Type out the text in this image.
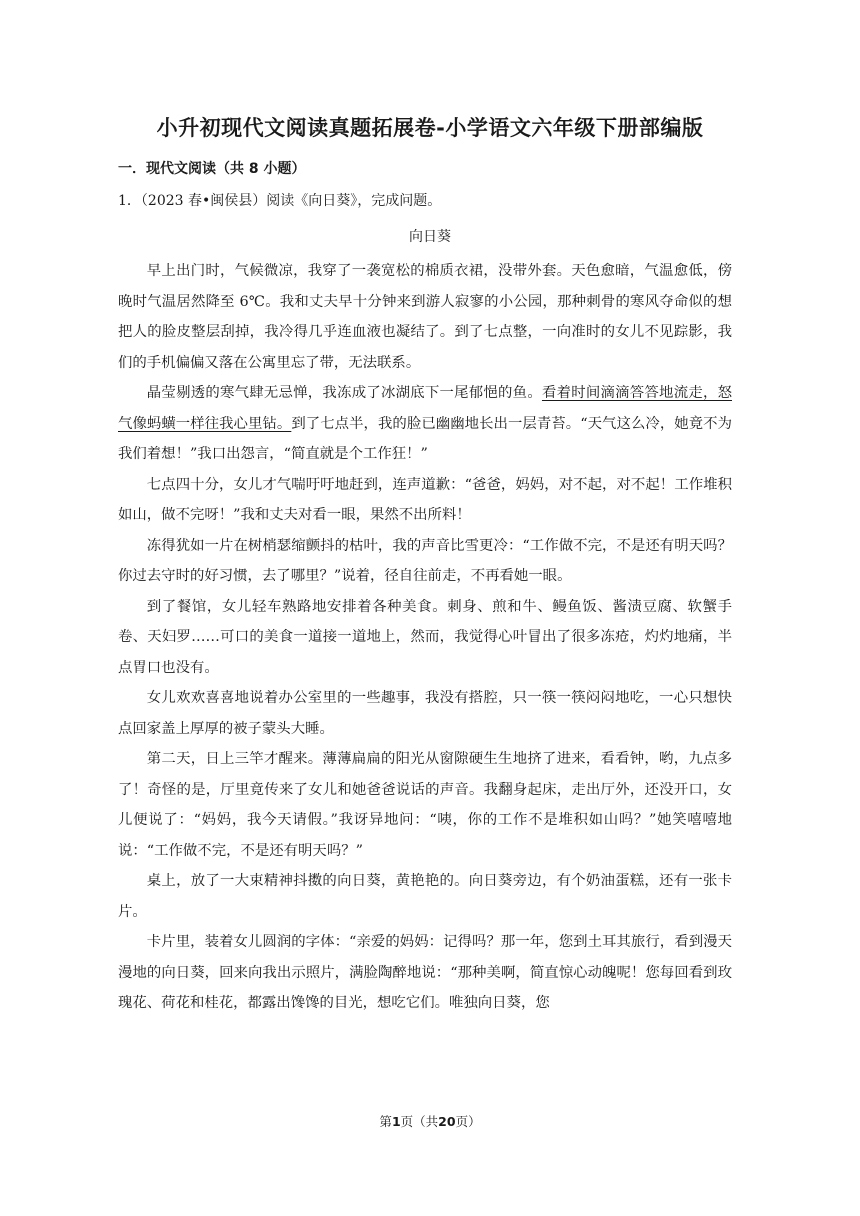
小升初现代文阅读真题拓展卷-小学语文六年级下册部编版
一．现代文阅读（共 8 小题）

1．（2023 春•闽侯县）阅读《向日葵》，完成问题。

向日葵

早上出门时，气候微凉，我穿了一袭宽松的棉质衣裙，没带外套。天色愈暗，气温愈低，傍晚时气温居然降至 6℃。我和丈夫早十分钟来到游人寂寥的小公园，那种刺骨的寒风夺命似的想把人的脸皮整层刮掉，我冷得几乎连血液也凝结了。到了七点整，一向准时的女儿不见踪影，我们的手机偏偏又落在公寓里忘了带，无法联系。

晶莹剔透的寒气肆无忌惮，我冻成了冰湖底下一尾郁悒的鱼。看着时间滴滴答答地流走，怒气像蚂蟥一样往我心里钻。到了七点半，我的脸已幽幽地长出一层青苔。“天气这么冷，她竟不为我们着想！”我口出怨言，“简直就是个工作狂！”

七点四十分，女儿才气喘吁吁地赶到，连声道歉：“爸爸，妈妈，对不起，对不起！工作堆积如山，做不完呀！”我和丈夫对看一眼，果然不出所料！

冻得犹如一片在树梢瑟缩颤抖的枯叶，我的声音比雪更冷：“工作做不完，不是还有明天吗？你过去守时的好习惯，去了哪里？”说着，径自往前走，不再看她一眼。

到了餐馆，女儿轻车熟路地安排着各种美食。刺身、煎和牛、鳗鱼饭、酱渍豆腐、软蟹手卷、天妇罗……可口的美食一道接一道地上，然而，我觉得心叶冒出了很多冻疮，灼灼地痛，半点胃口也没有。

女儿欢欢喜喜地说着办公室里的一些趣事，我没有搭腔，只一筷一筷闷闷地吃，一心只想快点回家盖上厚厚的被子蒙头大睡。

第二天，日上三竿才醒来。薄薄扁扁的阳光从窗隙硬生生地挤了进来，看看钟，哟，九点多了！奇怪的是，厅里竟传来了女儿和她爸爸说话的声音。我翻身起床，走出厅外，还没开口，女儿便说了：“妈妈，我今天请假。”我讶异地问：“咦，你的工作不是堆积如山吗？”她笑嘻嘻地说：“工作做不完，不是还有明天吗？”

桌上，放了一大束精神抖擞的向日葵，黄艳艳的。向日葵旁边，有个奶油蛋糕，还有一张卡片。

卡片里，装着女儿圆润的字体：“亲爱的妈妈：记得吗？那一年，您到土耳其旅行，看到漫天漫地的向日葵，回来向我出示照片，满脸陶醉地说：“那种美啊，简直惊心动魄呢！您每回看到玫瑰花、荷花和桂花，都露出馋馋的目光，想吃它们。唯独向日葵，您

第1页（共20页）
